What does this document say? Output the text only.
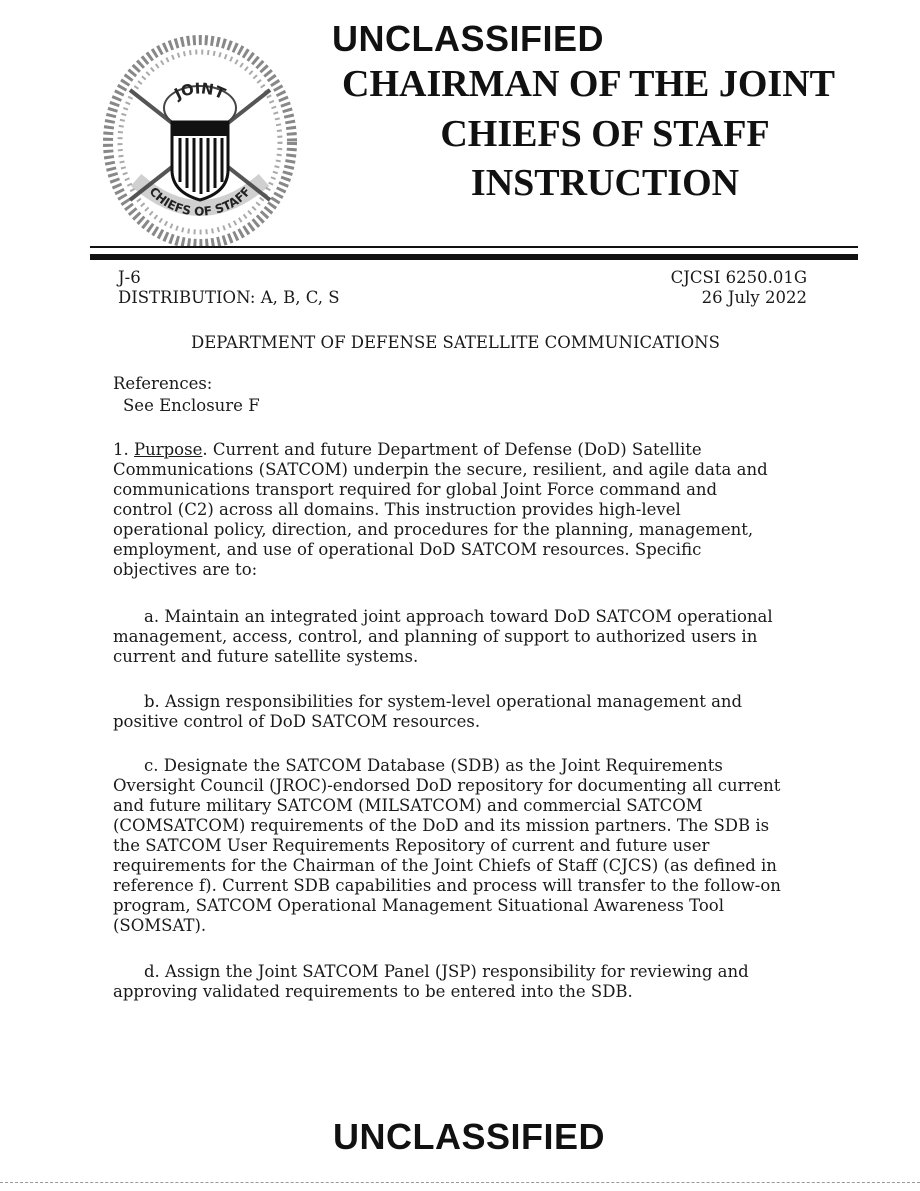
UNCLASSIFIED

JOINT
CHIEFS OF STAFF

CHAIRMAN OF THE JOINT

CHIEFS OF STAFF

INSTRUCTION

J-6

DISTRIBUTION: A, B, C, S

CJCSI 6250.01G

26 July 2022

DEPARTMENT OF DEFENSE SATELLITE COMMUNICATIONS

References:

See Enclosure F

1. Purpose. Current and future Department of Defense (DoD) Satellite

Communications (SATCOM) underpin the secure, resilient, and agile data and

communications transport required for global Joint Force command and

control (C2) across all domains. This instruction provides high-level

operational policy, direction, and procedures for the planning, management,

employment, and use of operational DoD SATCOM resources. Specific

objectives are to:

a. Maintain an integrated joint approach toward DoD SATCOM operational

management, access, control, and planning of support to authorized users in

current and future satellite systems.

b. Assign responsibilities for system-level operational management and

positive control of DoD SATCOM resources.

c. Designate the SATCOM Database (SDB) as the Joint Requirements

Oversight Council (JROC)-endorsed DoD repository for documenting all current

and future military SATCOM (MILSATCOM) and commercial SATCOM

(COMSATCOM) requirements of the DoD and its mission partners. The SDB is

the SATCOM User Requirements Repository of current and future user

requirements for the Chairman of the Joint Chiefs of Staff (CJCS) (as defined in

reference f). Current SDB capabilities and process will transfer to the follow-on

program, SATCOM Operational Management Situational Awareness Tool

(SOMSAT).

d. Assign the Joint SATCOM Panel (JSP) responsibility for reviewing and

approving validated requirements to be entered into the SDB.

UNCLASSIFIED
